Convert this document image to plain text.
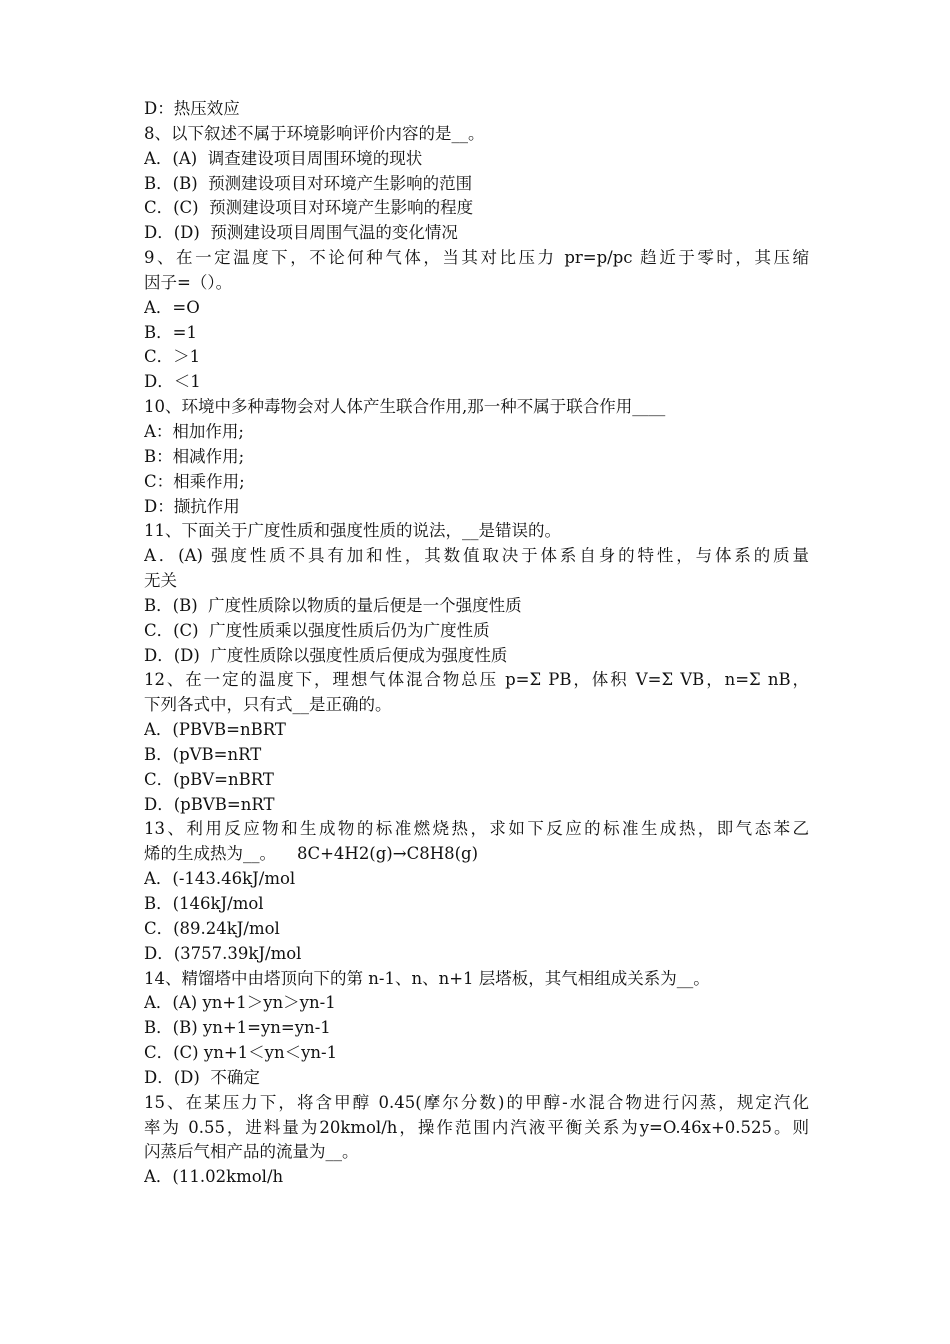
D：热压效应
8、以下叙述不属于环境影响评价内容的是__。
A．(A)  调查建设项目周围环境的现状
B．(B)  预测建设项目对环境产生影响的范围
C．(C)  预测建设项目对环境产生影响的程度
D．(D)  预测建设项目周围气温的变化情况
9、在一定温度下，不论何种气体，当其对比压力 pr=p/pc 趋近于零时，其压缩
因子=（）。
A．=O
B．=1
C．＞1
D．＜1
10、环境中多种毒物会对人体产生联合作用,那一种不属于联合作用____
A：相加作用;
B：相减作用;
C：相乘作用;
D：撷抗作用
11、下面关于广度性质和强度性质的说法，__是错误的。
A．(A) 强度性质不具有加和性，其数值取决于体系自身的特性，与体系的质量
无关
B．(B)  广度性质除以物质的量后便是一个强度性质
C．(C)  广度性质乘以强度性质后仍为广度性质
D．(D)  广度性质除以强度性质后便成为强度性质
12、在一定的温度下，理想气体混合物总压 p=Σ PB，体积 V=Σ VB，n=Σ nB，
下列各式中，只有式__是正确的。
A．(PBVB=nBRT
B．(pVB=nRT
C．(pBV=nBRT
D．(pBVB=nRT
13、利用反应物和生成物的标准燃烧热，求如下反应的标准生成热，即气态苯乙
烯的生成热为__。    8C+4H2(g)→C8H8(g)
A．(-143.46kJ/mol
B．(146kJ/mol
C．(89.24kJ/mol
D．(3757.39kJ/mol
14、精馏塔中由塔顶向下的第 n-1、n、n+1 层塔板，其气相组成关系为__。
A．(A) yn+1＞yn＞yn-1
B．(B) yn+1=yn=yn-1
C．(C) yn+1＜yn＜yn-1
D．(D)  不确定
15、在某压力下，将含甲醇 0.45(摩尔分数)的甲醇-水混合物进行闪蒸，规定汽化
率为 0.55，进料量为20kmol/h，操作范围内汽液平衡关系为y=O.46x+0.525。则
闪蒸后气相产品的流量为__。
A．(11.02kmol/h
